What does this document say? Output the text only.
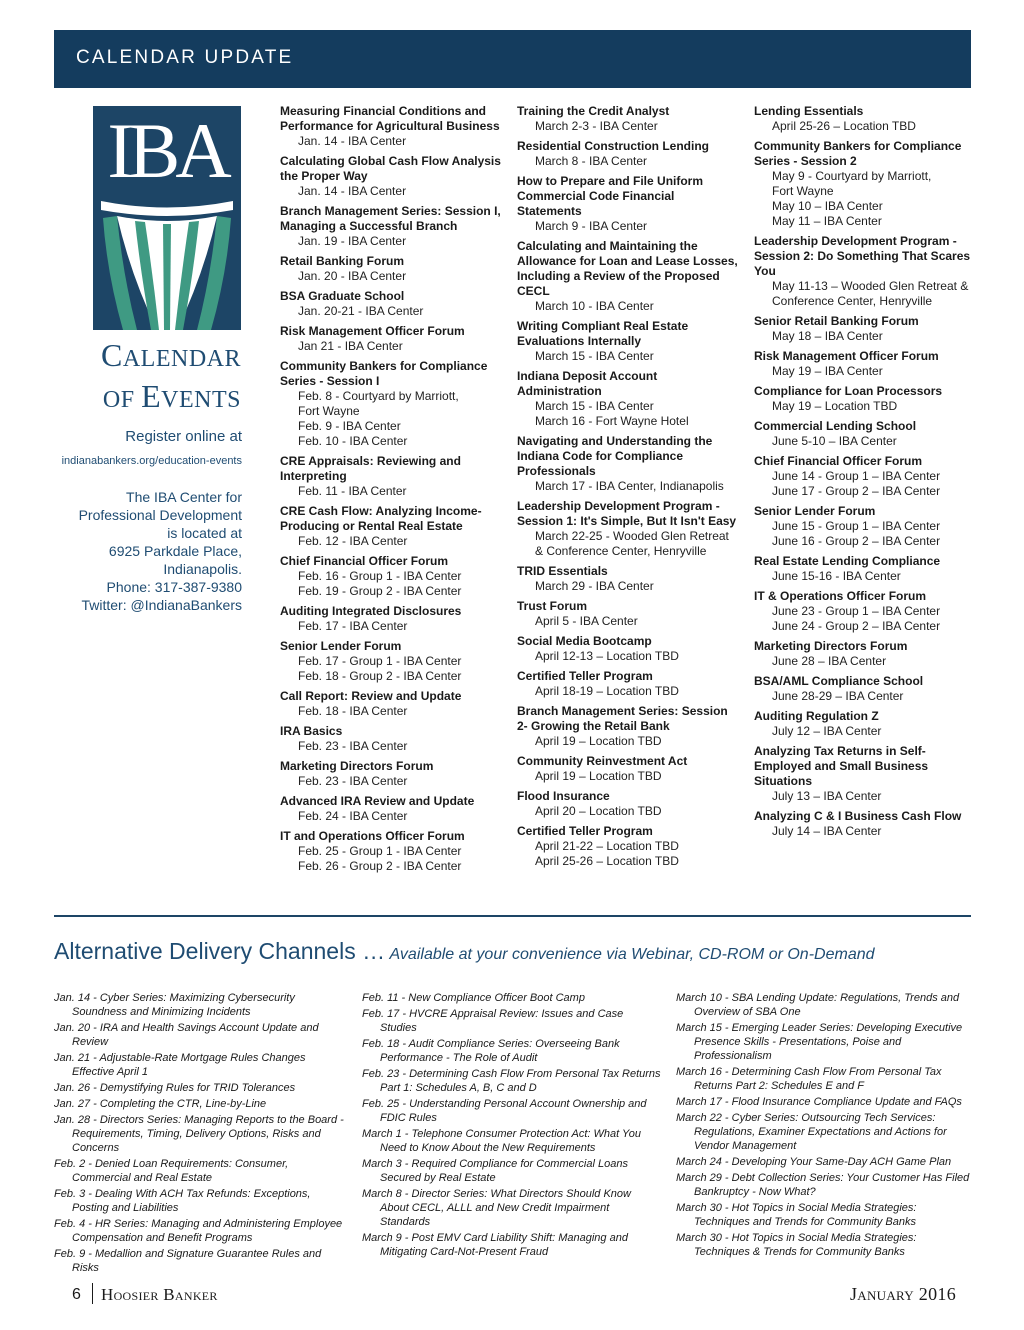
CALENDAR UPDATE
IBA
CALENDAR
OF EVENTS
Register online at
indianabankers.org/education-events
The IBA Center for
Professional Development
is located at
6925 Parkdale Place,
Indianapolis.
Phone: 317-387-9380
Twitter: @IndianaBankers
Measuring Financial Conditions and Performance for Agricultural Business
Jan. 14 - IBA Center
Calculating Global Cash Flow Analysis the Proper Way
Jan. 14 - IBA Center
Branch Management Series: Session I, Managing a Successful Branch
Jan. 19 - IBA Center
Retail Banking Forum
Jan. 20 - IBA Center
BSA Graduate School
Jan. 20-21 - IBA Center
Risk Management Officer Forum
Jan 21 - IBA Center
Community Bankers for Compliance Series - Session I
Feb. 8 - Courtyard by Marriott,
Fort Wayne
Feb. 9 - IBA Center
Feb. 10 - IBA Center
CRE Appraisals: Reviewing and Interpreting
Feb. 11 - IBA Center
CRE Cash Flow: Analyzing Income-Producing or Rental Real Estate
Feb. 12 - IBA Center
Chief Financial Officer Forum
Feb. 16 - Group 1 - IBA Center
Feb. 19 - Group 2 - IBA Center
Auditing Integrated Disclosures
Feb. 17 - IBA Center
Senior Lender Forum
Feb. 17 - Group 1 - IBA Center
Feb. 18 - Group 2 - IBA Center
Call Report: Review and Update
Feb. 18 - IBA Center
IRA Basics
Feb. 23 - IBA Center
Marketing Directors Forum
Feb. 23 - IBA Center
Advanced IRA Review and Update
Feb. 24 - IBA Center
IT and Operations Officer Forum
Feb. 25 - Group 1 - IBA Center
Feb. 26 - Group 2 - IBA Center
Training the Credit Analyst
March 2-3 - IBA Center
Residential Construction Lending
March 8 - IBA Center
How to Prepare and File Uniform Commercial Code Financial Statements
March 9 - IBA Center
Calculating and Maintaining the Allowance for Loan and Lease Losses, Including a Review of the Proposed CECL
March 10 - IBA Center
Writing Compliant Real Estate Evaluations Internally
March 15 - IBA Center
Indiana Deposit Account Administration
March 15 - IBA Center
March 16 - Fort Wayne Hotel
Navigating and Understanding the Indiana Code for Compliance Professionals
March 17 - IBA Center, Indianapolis
Leadership Development Program - Session 1: It's Simple, But It Isn't Easy
March 22-25 - Wooded Glen Retreat
& Conference Center, Henryville
TRID Essentials
March 29 - IBA Center
Trust Forum
April 5 - IBA Center
Social Media Bootcamp
April 12-13 – Location TBD
Certified Teller Program
April 18-19 – Location TBD
Branch Management Series: Session 2- Growing the Retail Bank
April 19 – Location TBD
Community Reinvestment Act
April 19 – Location TBD
Flood Insurance
April 20 – Location TBD
Certified Teller Program
April 21-22 – Location TBD
April 25-26 – Location TBD
Lending Essentials
April 25-26 – Location TBD
Community Bankers for Compliance Series - Session 2
May 9 - Courtyard by Marriott,
Fort Wayne
May 10 – IBA Center
May 11 – IBA Center
Leadership Development Program - Session 2: Do Something That Scares You
May 11-13 – Wooded Glen Retreat &
Conference Center, Henryville
Senior Retail Banking Forum
May 18 – IBA Center
Risk Management Officer Forum
May 19 – IBA Center
Compliance for Loan Processors
May 19 – Location TBD
Commercial Lending School
June 5-10 – IBA Center
Chief Financial Officer Forum
June 14 - Group 1 – IBA Center
June 17 - Group 2 – IBA Center
Senior Lender Forum
June 15 - Group 1 – IBA Center
June 16 - Group 2 – IBA Center
Real Estate Lending Compliance
June 15-16 - IBA Center
IT & Operations Officer Forum
June 23 - Group 1 – IBA Center
June 24 - Group 2 – IBA Center
Marketing Directors Forum
June 28 – IBA Center
BSA/AML Compliance School
June 28-29 – IBA Center
Auditing Regulation Z
July 12 – IBA Center
Analyzing Tax Returns in Self-Employed and Small Business Situations
July 13 – IBA Center
Analyzing C & I Business Cash Flow
July 14 – IBA Center
Alternative Delivery Channels … Available at your convenience via Webinar, CD-ROM or On-Demand
Jan. 14 - Cyber Series: Maximizing Cybersecurity Soundness and Minimizing Incidents
Jan. 20 - IRA and Health Savings Account Update and Review
Jan. 21 - Adjustable-Rate Mortgage Rules Changes Effective April 1
Jan. 26 - Demystifying Rules for TRID Tolerances
Jan. 27 - Completing the CTR, Line-by-Line
Jan. 28 - Directors Series: Managing Reports to the Board - Requirements, Timing, Delivery Options, Risks and Concerns
Feb. 2 - Denied Loan Requirements: Consumer, Commercial and Real Estate
Feb. 3 - Dealing With ACH Tax Refunds: Exceptions, Posting and Liabilities
Feb. 4 - HR Series: Managing and Administering Employee Compensation and Benefit Programs
Feb. 9 - Medallion and Signature Guarantee Rules and Risks
Feb. 11 - New Compliance Officer Boot Camp
Feb. 17 - HVCRE Appraisal Review: Issues and Case Studies
Feb. 18 - Audit Compliance Series: Overseeing Bank Performance - The Role of Audit
Feb. 23 - Determining Cash Flow From Personal Tax Returns Part 1: Schedules A, B, C and D
Feb. 25 - Understanding Personal Account Ownership and FDIC Rules
March 1 - Telephone Consumer Protection Act: What You Need to Know About the New Requirements
March 3 - Required Compliance for Commercial Loans Secured by Real Estate
March 8 - Director Series: What Directors Should Know About CECL, ALLL and New Credit Impairment Standards
March 9 - Post EMV Card Liability Shift: Managing and Mitigating Card-Not-Present Fraud
March 10 - SBA Lending Update: Regulations, Trends and Overview of SBA One
March 15 - Emerging Leader Series: Developing Executive Presence Skills - Presentations, Poise and Professionalism
March 16 - Determining Cash Flow From Personal Tax Returns Part 2: Schedules E and F
March 17 - Flood Insurance Compliance Update and FAQs
March 22 - Cyber Series: Outsourcing Tech Services: Regulations, Examiner Expectations and Actions for Vendor Management
March 24 - Developing Your Same-Day ACH Game Plan
March 29 - Debt Collection Series: Your Customer Has Filed Bankruptcy - Now What?
March 30 - Hot Topics in Social Media Strategies: Techniques and Trends for Community Banks
March 30 - Hot Topics in Social Media Strategies: Techniques & Trends for Community Banks
6 Hoosier Banker	January 2016
